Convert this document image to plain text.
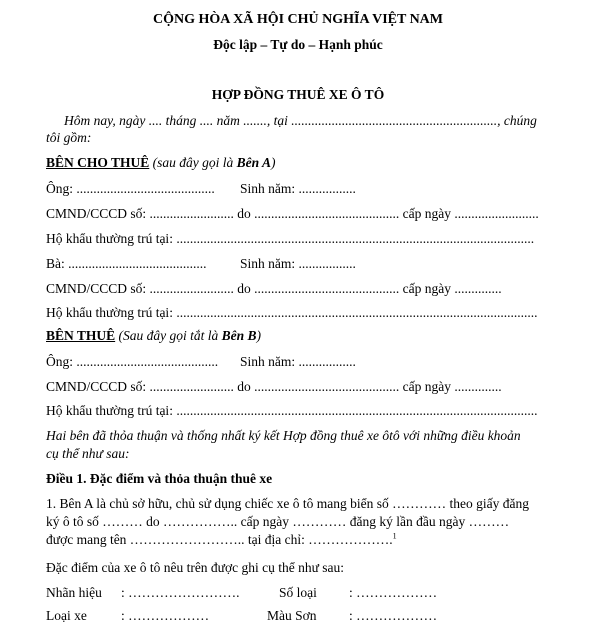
CỘNG HÒA XÃ HỘI CHỦ NGHĨA VIỆT NAM
Độc lập – Tự do – Hạnh phúc
HỢP ĐỒNG THUÊ XE Ô TÔ
Hôm nay, ngày .... tháng .... năm ......., tại ............................................................., chúng
tôi gồm:
BÊN CHO THUÊ (sau đây gọi là Bên A)
Ông: ......................................... Sinh năm: .................
CMND/CCCD số: ......................... do ........................................... cấp ngày .........................
Hộ khẩu thường trú tại: ..........................................................................................................
Bà: ......................................... Sinh năm: .................
CMND/CCCD số: ......................... do ........................................... cấp ngày ..............
Hộ khẩu thường trú tại: ...........................................................................................................
BÊN THUÊ (Sau đây gọi tắt là Bên B)
Ông: .......................................... Sinh năm: .................
CMND/CCCD số: ......................... do ........................................... cấp ngày ..............
Hộ khẩu thường trú tại: ...........................................................................................................
Hai bên đã thỏa thuận và thống nhất ký kết Hợp đồng thuê xe ôtô với những điều khoản
cụ thể như sau:
Điều 1. Đặc điểm và thỏa thuận thuê xe
1. Bên A là chủ sở hữu, chủ sử dụng chiếc xe ô tô mang biển số ………… theo giấy đăng
ký ô tô số ……… do …………….. cấp ngày ………… đăng ký lần đầu ngày ………
được mang tên …………………….. tại địa chỉ: ……………….$^1$
Đặc điểm của xe ô tô nêu trên được ghi cụ thể như sau:
Nhãn hiệu : …………………….	Số loại : ………………
Loại xe	: ………………	Màu Sơn : ………………
